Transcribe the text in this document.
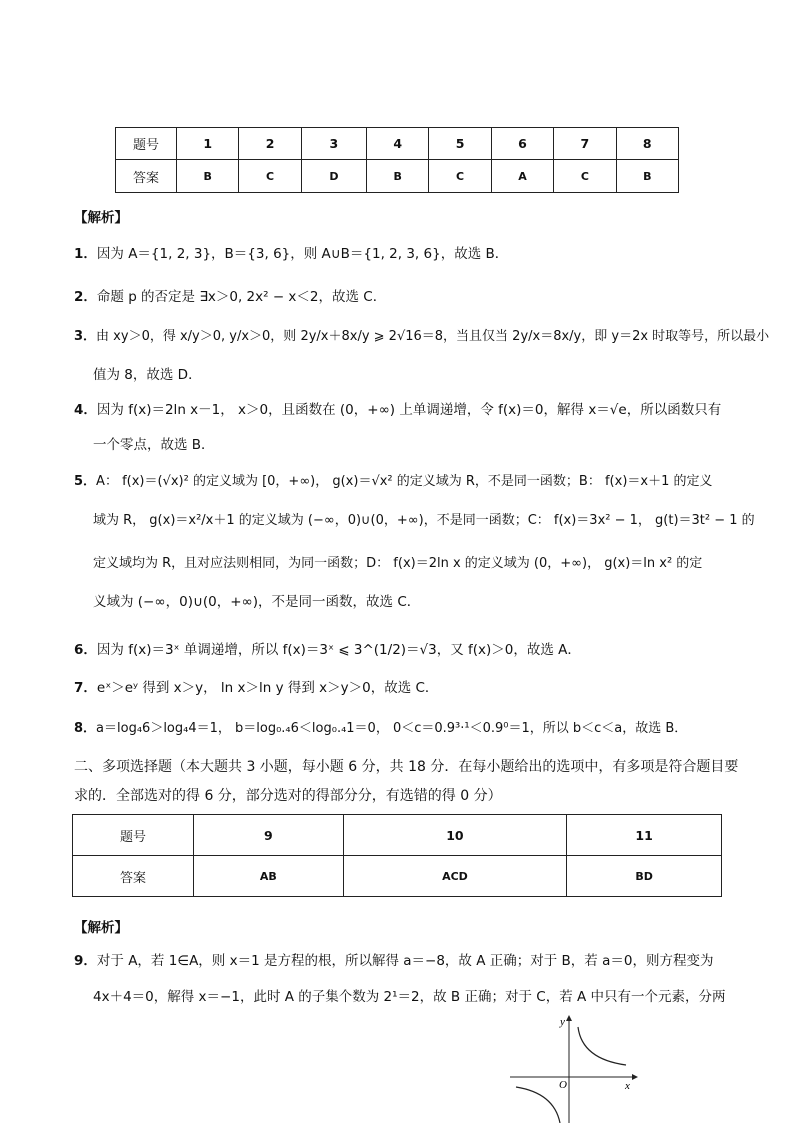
题号	1	2	3	4	5	6	7	8
答案	B	C	D	B	C	A	C	B
【解析】
1．因为 A＝{1, 2, 3}，B＝{3, 6}，则 A∪B＝{1, 2, 3, 6}，故选 B．
2．命题 p 的否定是 ∃x＞0, 2x² − x＜2，故选 C．
3．由 xy＞0，得 x/y＞0, y/x＞0，则 2y/x＋8x/y ⩾ 2√16＝8，当且仅当 2y/x＝8x/y，即 y＝2x 时取等号，所以最小
值为 8，故选 D．
4．因为 f(x)＝2ln x－1， x＞0，且函数在 (0，+∞) 上单调递增，令 f(x)＝0，解得 x＝√e，所以函数只有
一个零点，故选 B．
5．A： f(x)＝(√x)² 的定义域为 [0，+∞)， g(x)＝√x² 的定义域为 R，不是同一函数；B： f(x)＝x＋1 的定义
域为 R， g(x)＝x²/x＋1 的定义域为 (−∞，0)∪(0，+∞)，不是同一函数；C： f(x)＝3x² − 1， g(t)＝3t² − 1 的
定义域均为 R，且对应法则相同，为同一函数；D： f(x)＝2ln x 的定义域为 (0，+∞)， g(x)＝ln x² 的定
义域为 (−∞，0)∪(0，+∞)，不是同一函数，故选 C．
6．因为 f(x)＝3ˣ 单调递增，所以 f(x)＝3ˣ ⩽ 3^(1/2)＝√3，又 f(x)＞0，故选 A．
7．eˣ＞eʸ 得到 x＞y， ln x＞ln y 得到 x＞y＞0，故选 C．
8．a＝log₄6＞log₄4＝1， b＝log₀.₄6＜log₀.₄1＝0， 0＜c＝0.9³·¹＜0.9⁰＝1，所以 b＜c＜a，故选 B．
二、多项选择题（本大题共 3 小题，每小题 6 分，共 18 分．在每小题给出的选项中，有多项是符合题目要
求的．全部选对的得 6 分，部分选对的得部分分，有选错的得 0 分）
题号	9	10	11
答案	AB	ACD	BD
【解析】
9．对于 A，若 1∈A，则 x＝1 是方程的根，所以解得 a＝−8，故 A 正确；对于 B，若 a＝0，则方程变为
4x＋4＝0，解得 x＝−1，此时 A 的子集个数为 2¹＝2，故 B 正确；对于 C，若 A 中只有一个元素，分两
x
y
O
